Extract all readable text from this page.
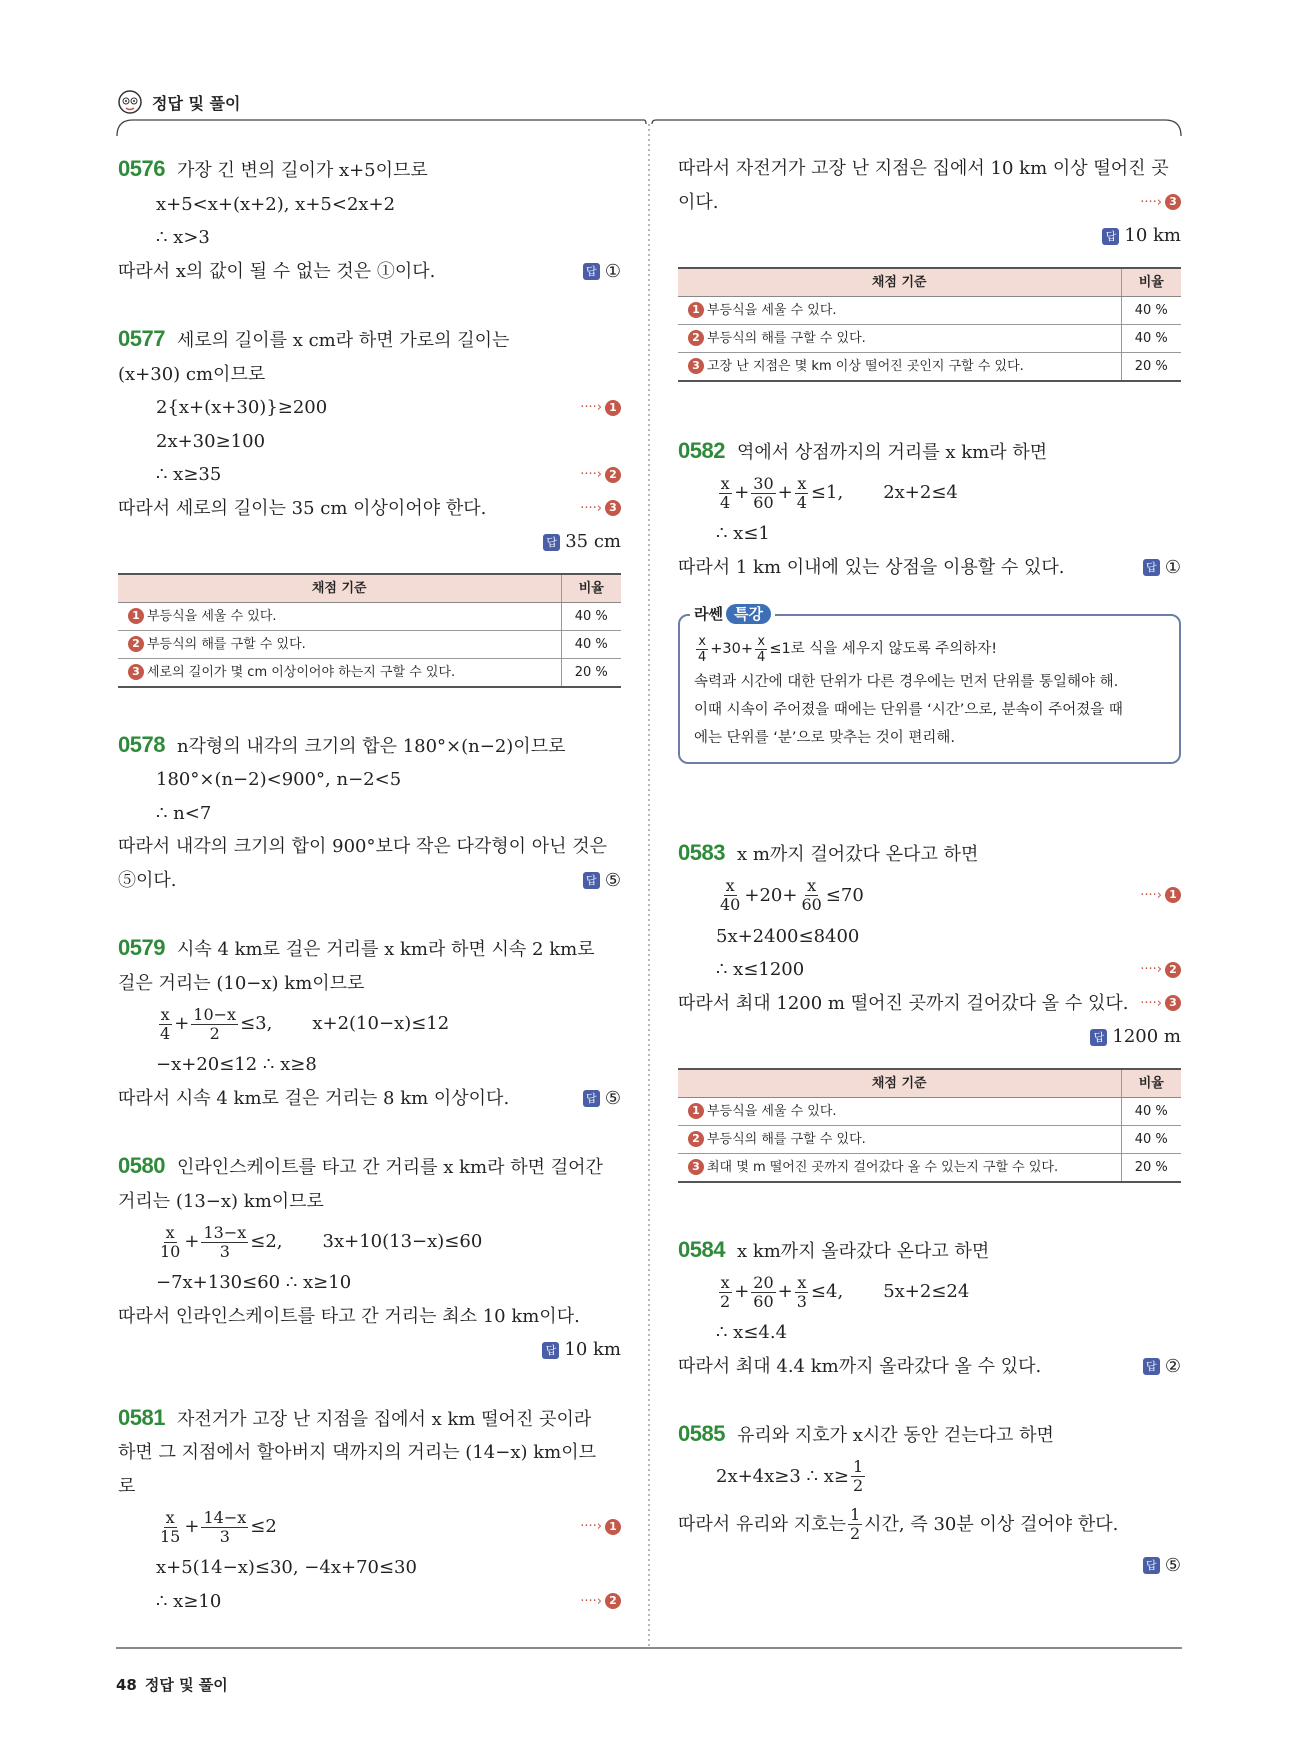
정답 및 풀이
0576 가장 긴 변의 길이가 x+5이므로
x+5<x+(x+2), x+5<2x+2
∴ x>3
따라서 x의 값이 될 수 없는 것은 ①이다.	답 ①
0577 세로의 길이를 x cm라 하면 가로의 길이는
(x+30) cm이므로
2{x+(x+30)}≥200	····› 1
2x+30≥100
∴ x≥35	····› 2
따라서 세로의 길이는 35 cm 이상이어야 한다.	····› 3
답 35 cm
채점 기준	비율
1 부등식을 세울 수 있다.	40 %
2 부등식의 해를 구할 수 있다.	40 %
3 세로의 길이가 몇 cm 이상이어야 하는지 구할 수 있다.	20 %
0578 n각형의 내각의 크기의 합은 180°×(n−2)이므로
180°×(n−2)<900°, n−2<5
∴ n<7
따라서 내각의 크기의 합이 900°보다 작은 다각형이 아닌 것은
⑤이다.	답 ⑤
0579 시속 4 km로 걸은 거리를 x km라 하면 시속 2 km로
걸은 거리는 (10−x) km이므로
$\frac{x}{4} + \frac{10-x}{2} \le 3$, x+2(10−x)≤12
−x+20≤12 ∴ x≥8
따라서 시속 4 km로 걸은 거리는 8 km 이상이다.	답 ⑤
0580 인라인스케이트를 타고 간 거리를 x km라 하면 걸어간
거리는 (13−x) km이므로
$\frac{x}{10} + \frac{13-x}{3} \le 2$, 3x+10(13−x)≤60
−7x+130≤60 ∴ x≥10
따라서 인라인스케이트를 타고 간 거리는 최소 10 km이다.
답 10 km
0581 자전거가 고장 난 지점을 집에서 x km 떨어진 곳이라
하면 그 지점에서 할아버지 댁까지의 거리는 (14−x) km이므
로
$\frac{x}{15} + \frac{14-x}{3} \le 2$	····› 1
x+5(14−x)≤30, −4x+70≤30
∴ x≥10	····› 2
따라서 자전거가 고장 난 지점은 집에서 10 km 이상 떨어진 곳
이다.	····› 3
답 10 km
채점 기준	비율
1 부등식을 세울 수 있다.	40 %
2 부등식의 해를 구할 수 있다.	40 %
3 고장 난 지점은 몇 km 이상 떨어진 곳인지 구할 수 있다.	20 %
0582 역에서 상점까지의 거리를 x km라 하면
$\frac{x}{4} + \frac{30}{60} + \frac{x}{4} \le 1$, 2x+2≤4
∴ x≤1
따라서 1 km 이내에 있는 상점을 이용할 수 있다.	답 ①
라쎈 특강
$\frac{x}{4} +30+ \frac{x}{4} \le 1$로 식을 세우지 않도록 주의하자!
속력과 시간에 대한 단위가 다른 경우에는 먼저 단위를 통일해야 해.
이때 시속이 주어졌을 때에는 단위를 ‘시간’으로, 분속이 주어졌을 때
에는 단위를 ‘분’으로 맞추는 것이 편리해.
0583 x m까지 걸어갔다 온다고 하면
$\frac{x}{40} +20+ \frac{x}{60} \le 70$	····› 1
5x+2400≤8400
∴ x≤1200	····› 2
따라서 최대 1200 m 떨어진 곳까지 걸어갔다 올 수 있다. ····› 3
답 1200 m
채점 기준	비율
1 부등식을 세울 수 있다.	40 %
2 부등식의 해를 구할 수 있다.	40 %
3 최대 몇 m 떨어진 곳까지 걸어갔다 올 수 있는지 구할 수 있다.	20 %
0584 x km까지 올라갔다 온다고 하면
$\frac{x}{2} + \frac{20}{60} + \frac{x}{3} \le 4$, 5x+2≤24
∴ x≤4.4
따라서 최대 4.4 km까지 올라갔다 올 수 있다.	답 ②
0585 유리와 지호가 x시간 동안 걷는다고 하면
2x+4x≥3 ∴ $x\ge \frac{1}{2}$
따라서 유리와 지호는 $\frac{1}{2}$ 시간, 즉 30분 이상 걸어야 한다.
답 ⑤
48 정답 및 풀이
